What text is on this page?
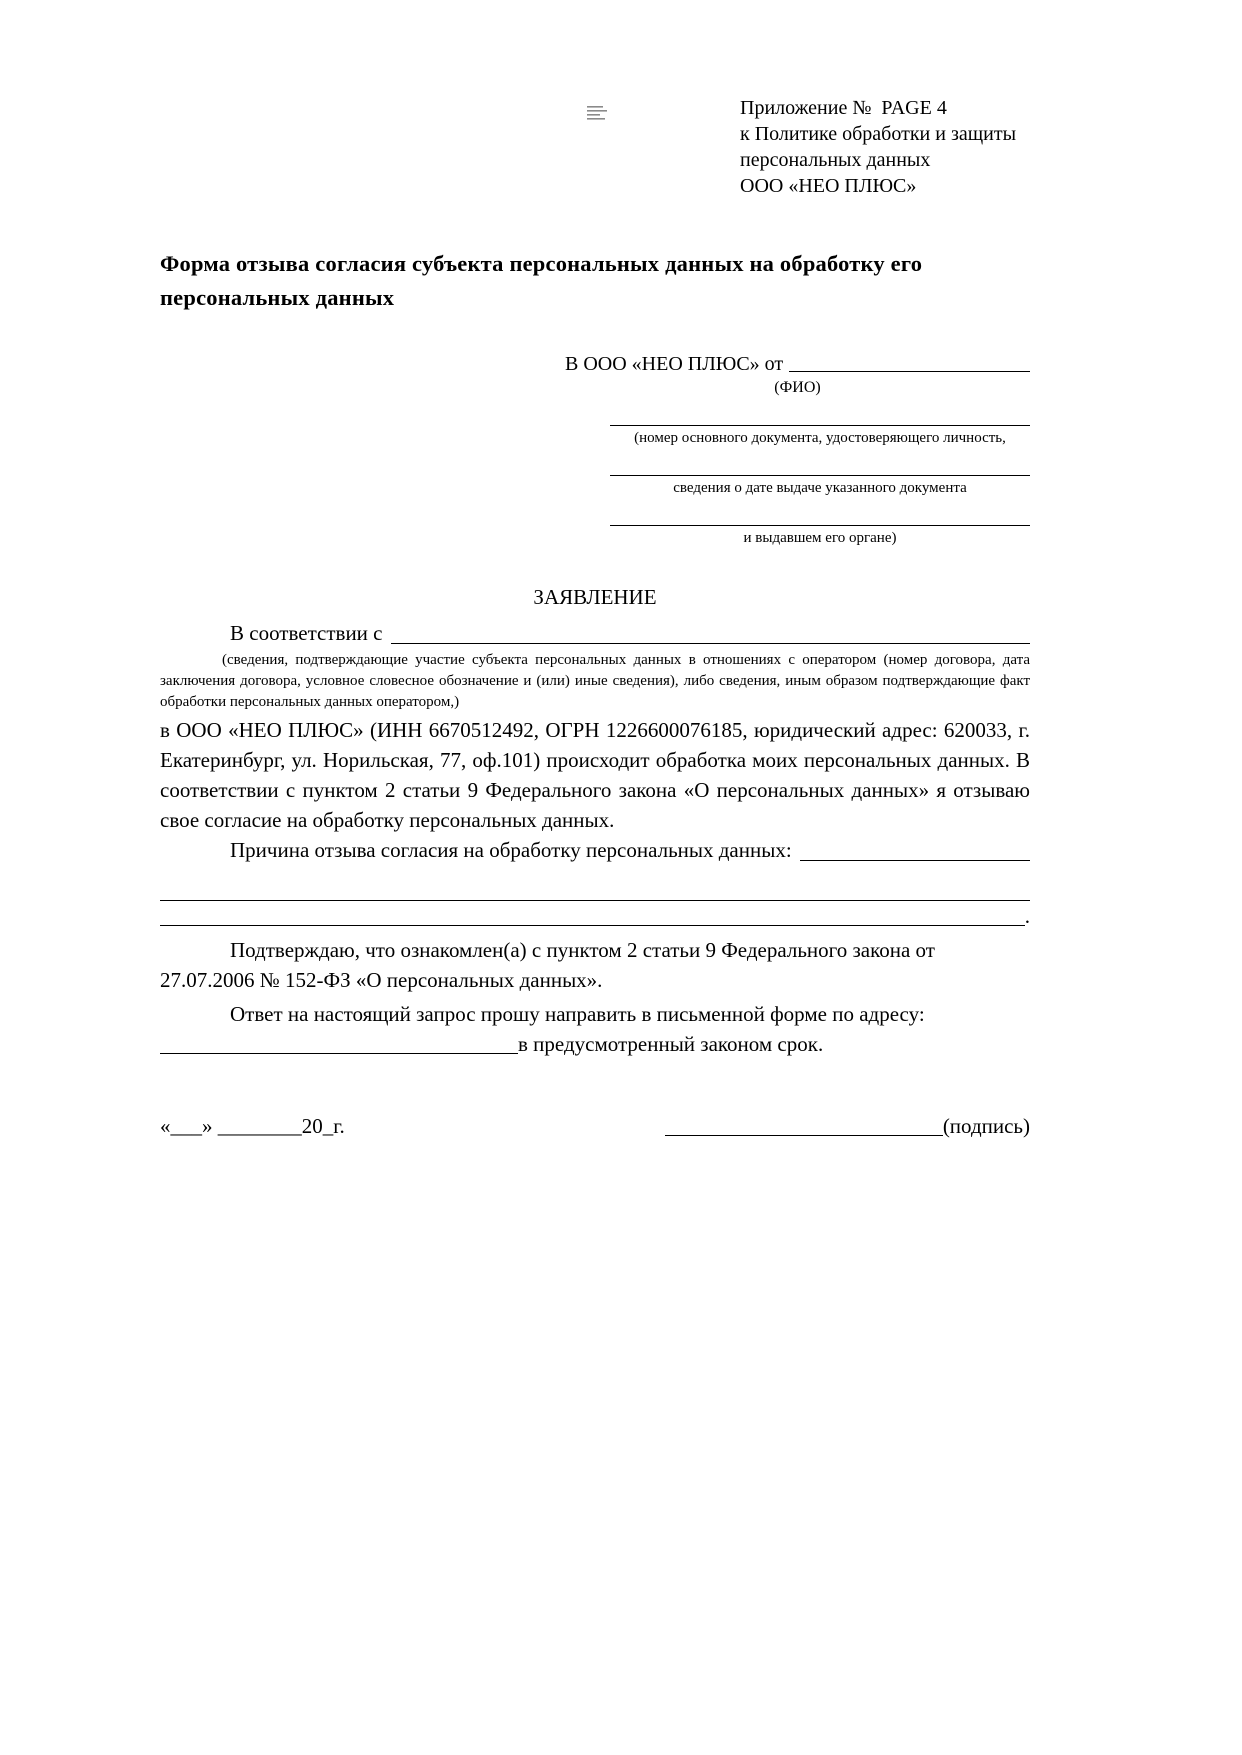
Приложение №  PAGE 4
к Политике обработки и защиты
персональных данных
ООО «НЕО ПЛЮС»
Форма отзыва согласия субъекта персональных данных на обработку его персональных данных
В ООО «НЕО ПЛЮС» от
(ФИО)
(номер основного документа, удостоверяющего личность,
сведения о дате выдаче указанного документа
и выдавшем его органе)
ЗАЯВЛЕНИЕ
В соответствии с

(сведения, подтверждающие участие субъекта персональных данных в отношениях с оператором (номер договора, дата заключения договора, условное словесное обозначение и (или) иные сведения), либо сведения, иным образом подтверждающие факт обработки персональных данных оператором,)

в ООО «НЕО ПЛЮС» (ИНН 6670512492, ОГРН 1226600076185, юридический адрес: 620033, г. Екатеринбург, ул. Норильская, 77, оф.101) происходит обработка моих персональных данных. В соответствии с пунктом 2 статьи 9 Федерального закона «О персональных данных» я отзываю свое согласие на обработку персональных данных.

Причина отзыва согласия на обработку персональных данных:
.

Подтверждаю, что ознакомлен(а) с пунктом 2 статьи 9 Федерального закона от 27.07.2006 № 152-ФЗ «О персональных данных».

Ответ на настоящий запрос прошу направить в письменной форме по адресу:

в предусмотренный законом срок.
«___» ________20_г.	(подпись)
